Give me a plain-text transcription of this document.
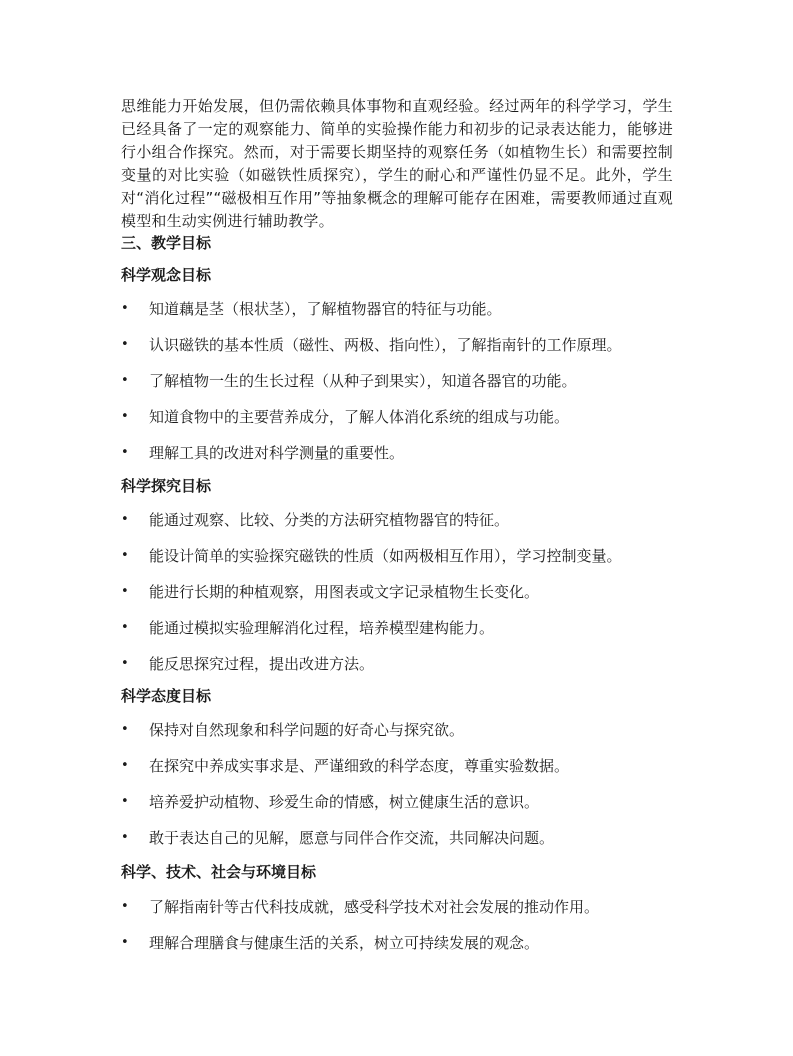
思维能力开始发展，但仍需依赖具体事物和直观经验。经过两年的科学学习，学生已经具备了一定的观察能力、简单的实验操作能力和初步的记录表达能力，能够进行小组合作探究。然而，对于需要长期坚持的观察任务（如植物生长）和需要控制变量的对比实验（如磁铁性质探究），学生的耐心和严谨性仍显不足。此外，学生对“消化过程”“磁极相互作用”等抽象概念的理解可能存在困难，需要教师通过直观模型和生动实例进行辅助教学。

三、教学目标
科学观念目标
• 知道藕是茎（根状茎），了解植物器官的特征与功能。
• 认识磁铁的基本性质（磁性、两极、指向性），了解指南针的工作原理。
• 了解植物一生的生长过程（从种子到果实），知道各器官的功能。
• 知道食物中的主要营养成分，了解人体消化系统的组成与功能。
• 理解工具的改进对科学测量的重要性。
科学探究目标
• 能通过观察、比较、分类的方法研究植物器官的特征。
• 能设计简单的实验探究磁铁的性质（如两极相互作用），学习控制变量。
• 能进行长期的种植观察，用图表或文字记录植物生长变化。
• 能通过模拟实验理解消化过程，培养模型建构能力。
• 能反思探究过程，提出改进方法。
科学态度目标
• 保持对自然现象和科学问题的好奇心与探究欲。
• 在探究中养成实事求是、严谨细致的科学态度，尊重实验数据。
• 培养爱护动植物、珍爱生命的情感，树立健康生活的意识。
• 敢于表达自己的见解，愿意与同伴合作交流，共同解决问题。
科学、技术、社会与环境目标
• 了解指南针等古代科技成就，感受科学技术对社会发展的推动作用。
• 理解合理膳食与健康生活的关系，树立可持续发展的观念。
